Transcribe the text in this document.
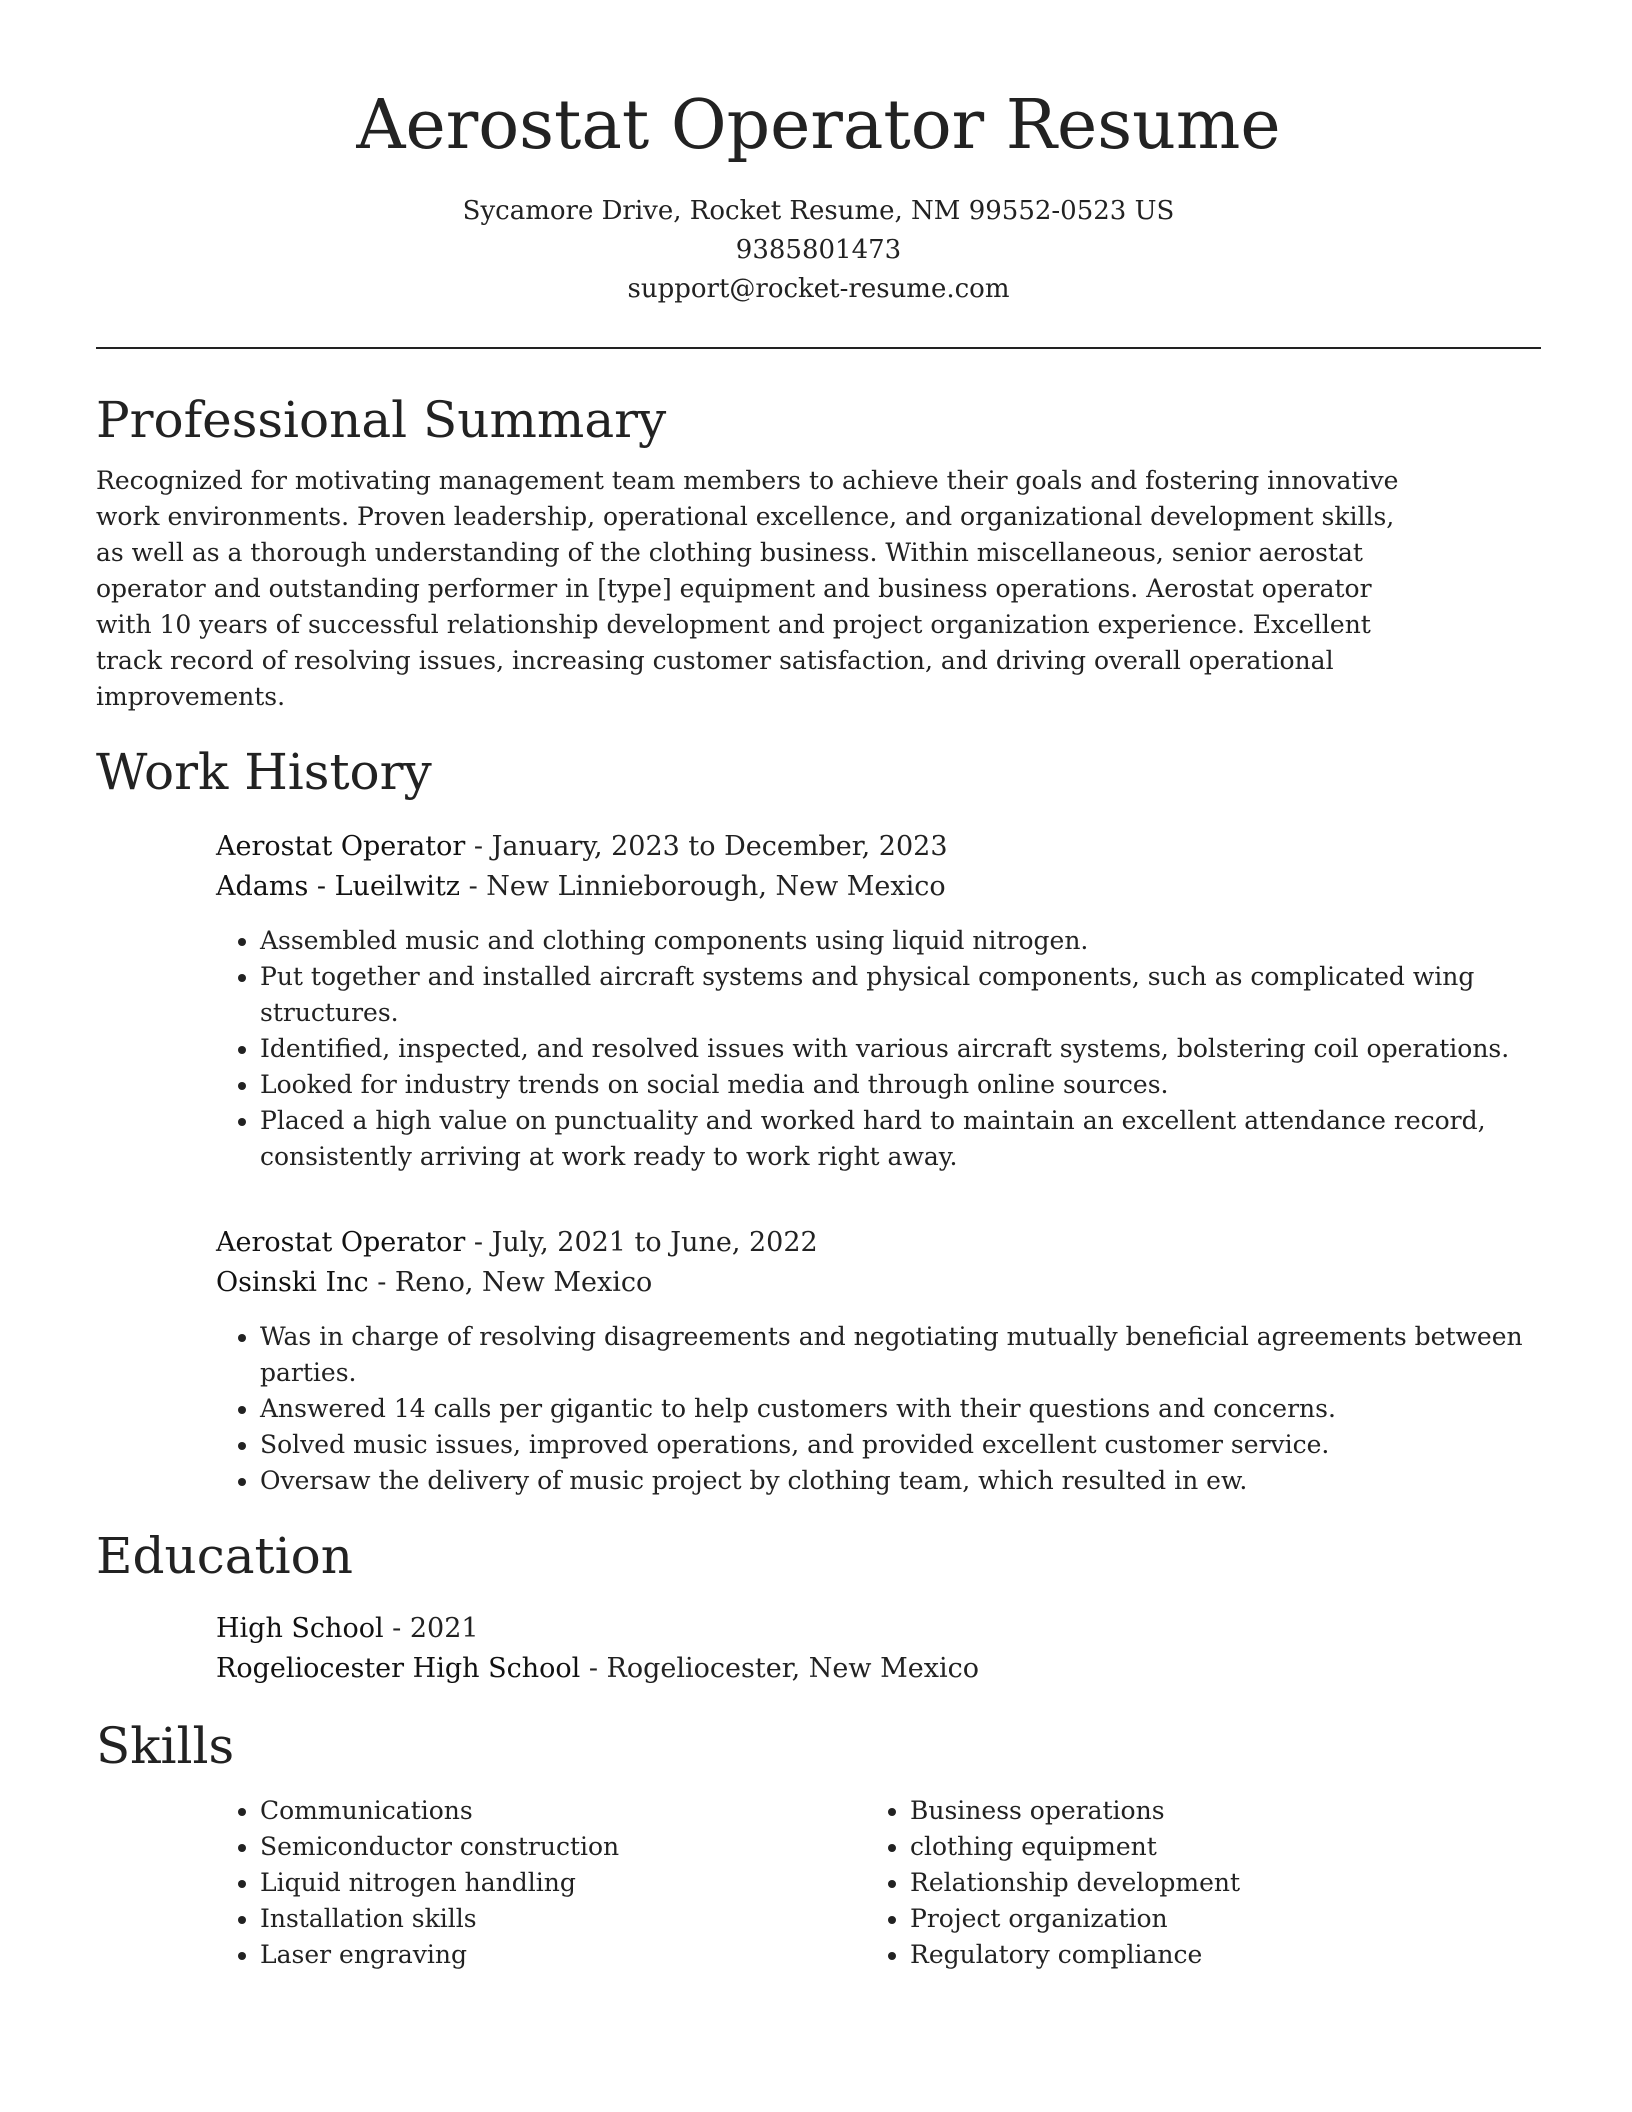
Aerostat Operator Resume

Sycamore Drive, Rocket Resume, NM 99552-0523 US

9385801473

support@rocket-resume.com

Professional Summary

Recognized for motivating management team members to achieve their goals and fostering innovative work environments. Proven leadership, operational excellence, and organizational development skills, as well as a thorough understanding of the clothing business. Within miscellaneous, senior aerostat operator and outstanding performer in [type] equipment and business operations. Aerostat operator with 10 years of successful relationship development and project organization experience. Excellent track record of resolving issues, increasing customer satisfaction, and driving overall operational improvements.

Work History

Aerostat Operator - January, 2023 to December, 2023

Adams - Lueilwitz - New Linnieborough, New Mexico

• Assembled music and clothing components using liquid nitrogen.
• Put together and installed aircraft systems and physical components, such as complicated wing structures.
• Identified, inspected, and resolved issues with various aircraft systems, bolstering coil operations.
• Looked for industry trends on social media and through online sources.
• Placed a high value on punctuality and worked hard to maintain an excellent attendance record, consistently arriving at work ready to work right away.

Aerostat Operator - July, 2021 to June, 2022

Osinski Inc - Reno, New Mexico

• Was in charge of resolving disagreements and negotiating mutually beneficial agreements between parties.
• Answered 14 calls per gigantic to help customers with their questions and concerns.
• Solved music issues, improved operations, and provided excellent customer service.
• Oversaw the delivery of music project by clothing team, which resulted in ew.
Education

High School - 2021

Rogeliocester High School - Rogeliocester, New Mexico

Skills
• Communications
• Semiconductor construction
• Liquid nitrogen handling
• Installation skills
• Laser engraving
• Business operations
• clothing equipment
• Relationship development
• Project organization
• Regulatory compliance
